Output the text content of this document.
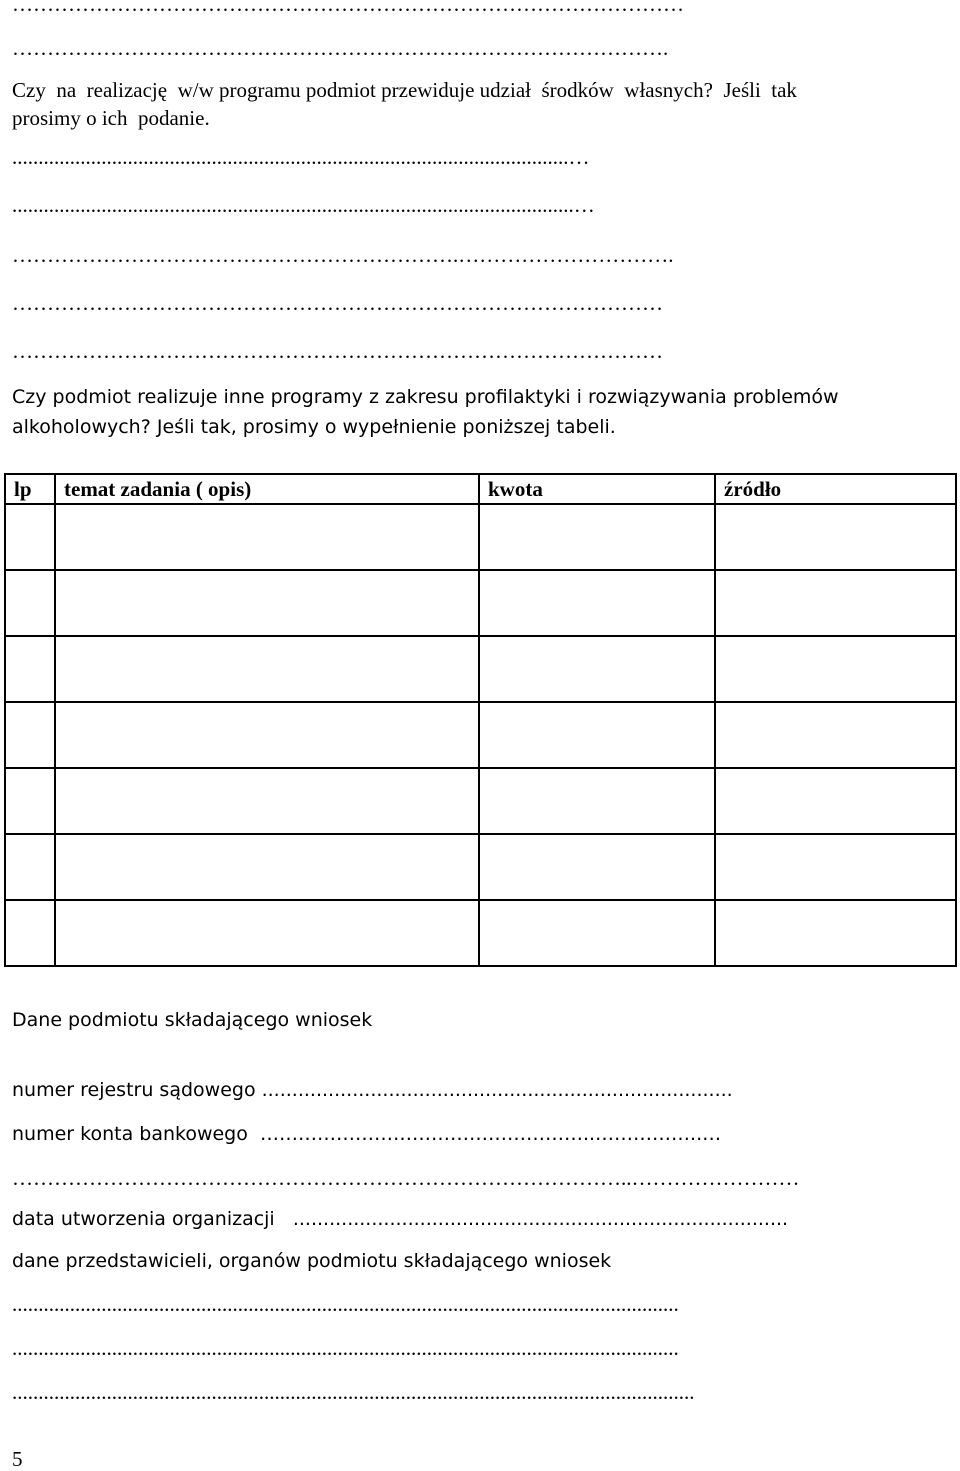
……………………………………………………………………………………
………………………………………………………………………………….
Czy  na  realizację  w/w programu podmiot przewiduje udział  środków  własnych?  Jeśli  tak
prosimy o ich  podanie.
..........................................................................................................…
...........................................................................................................…
……………………………………………………….………………………….
…………………………………………………………………………………
…………………………………………………………………………………
Czy podmiot realizuje inne programy z zakresu profilaktyki i rozwiązywania problemów
alkoholowych? Jeśli tak, prosimy o wypełnienie poniższej tabeli.
lp	temat zadania ( opis)	kwota	źródło

Dane podmiotu składającego wniosek
numer rejestru sądowego ..............................................................................
numer konta bankowego  ……………………………………………..……………..…
……………………………………………………………………………..……………………
data utworzenia organizacji   ..................................................................................
dane przedstawicieli, organów podmiotu składającego wniosek
...............................................................................................................................
...............................................................................................................................
..................................................................................................................................
5
